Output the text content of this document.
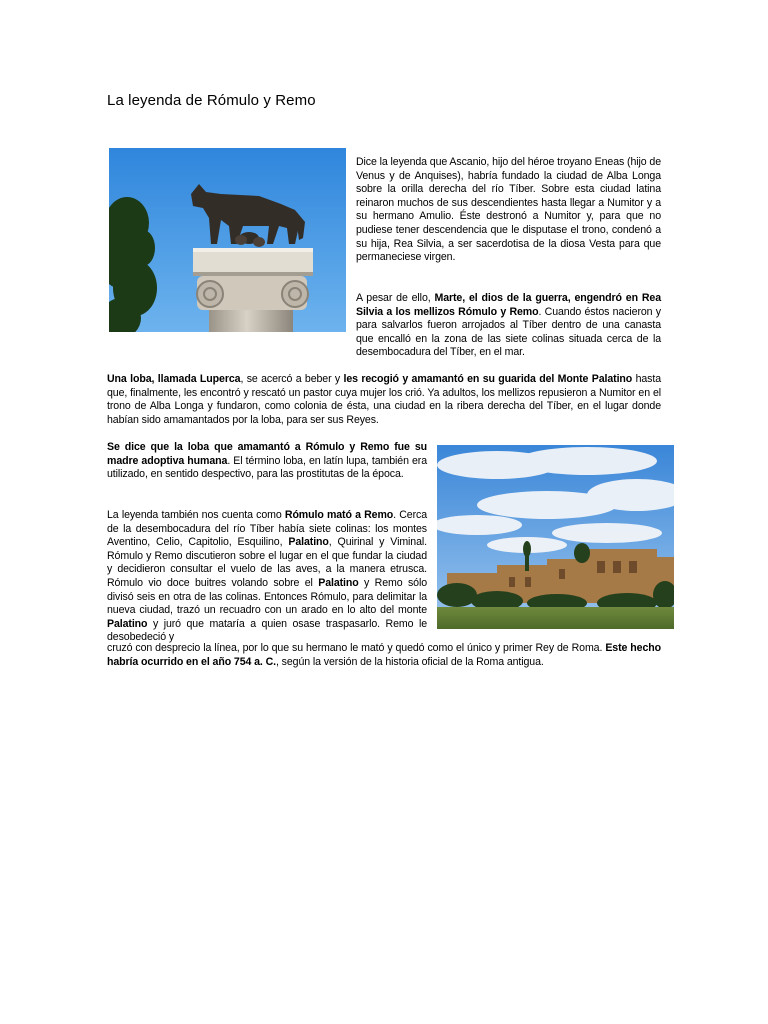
La leyenda de Rómulo y Remo

Dice la leyenda que Ascanio, hijo del héroe troyano Eneas (hijo de Venus y de Anquises), habría fundado la ciudad de Alba Longa sobre la orilla derecha del río Tíber. Sobre esta ciudad latina reinaron muchos de sus descendientes hasta llegar a Numitor y a su hermano Amulio. Éste destronó a Numitor y, para que no pudiese tener descendencia que le disputase el trono, condenó a su hija, Rea Silvia, a ser sacerdotisa de la diosa Vesta para que permaneciese virgen.

A pesar de ello, Marte, el dios de la guerra, engendró en Rea Silvia a los mellizos Rómulo y Remo. Cuando éstos nacieron y para salvarlos fueron arrojados al Tíber dentro de una canasta que encalló en la zona de las siete colinas situada cerca de la desembocadura del Tíber, en el mar.

Una loba, llamada Luperca, se acercó a beber y les recogió y amamantó en su guarida del Monte Palatino hasta que, finalmente, les encontró y rescató un pastor cuya mujer los crió. Ya adultos, los mellizos repusieron a Numitor en el trono de Alba Longa y fundaron, como colonia de ésta, una ciudad en la ribera derecha del Tíber, en el lugar donde habían sido amamantados por la loba, para ser sus Reyes.

Se dice que la loba que amamantó a Rómulo y Remo fue su madre adoptiva humana. El término loba, en latín lupa, también era utilizado, en sentido despectivo, para las prostitutas de la época.

La leyenda también nos cuenta como Rómulo mató a Remo. Cerca de la desembocadura del río Tíber había siete colinas: los montes Aventino, Celio, Capitolio, Esquilino, Palatino, Quirinal y Viminal. Rómulo y Remo discutieron sobre el lugar en el que fundar la ciudad y decidieron consultar el vuelo de las aves, a la manera etrusca. Rómulo vio doce buitres volando sobre el Palatino y Remo sólo divisó seis en otra de las colinas. Entonces Rómulo, para delimitar la nueva ciudad, trazó un recuadro con un arado en lo alto del monte Palatino y juró que mataría a quien osase traspasarlo. Remo le desobedeció y

cruzó con desprecio la línea, por lo que su hermano le mató y quedó como el único y primer Rey de Roma. Este hecho habría ocurrido en el año 754 a. C., según la versión de la historia oficial de la Roma antigua.
